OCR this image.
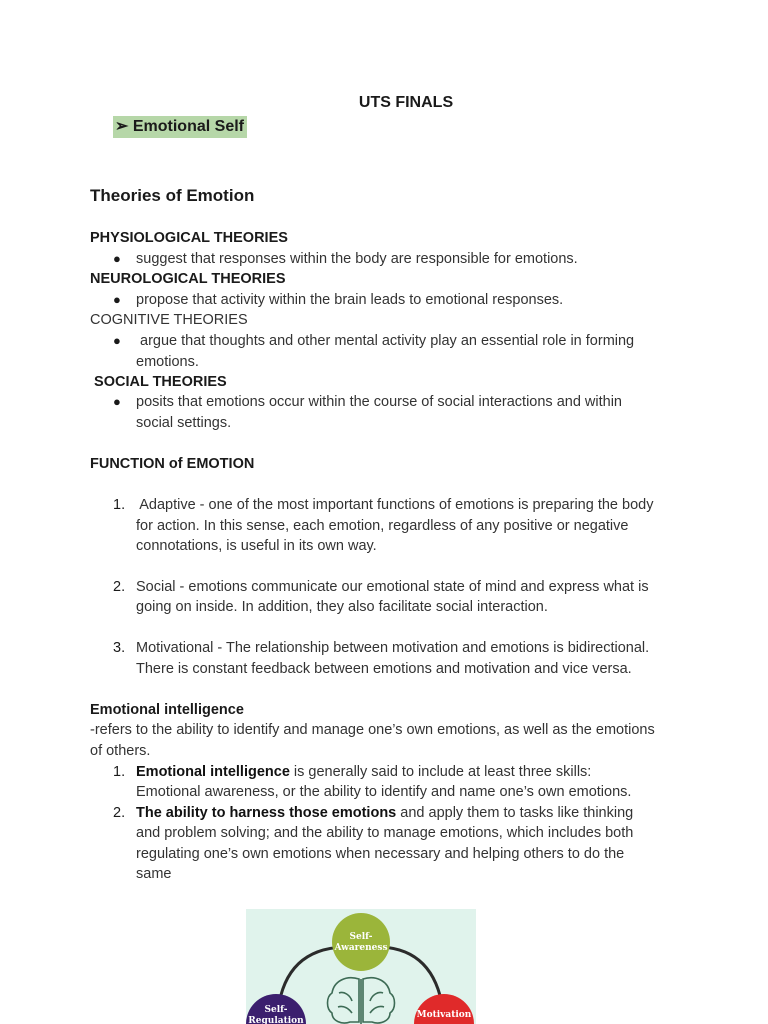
UTS FINALS
➢ Emotional Self
Theories of Emotion
PHYSIOLOGICAL THEORIES
● suggest that responses within the body are responsible for emotions.
NEUROLOGICAL THEORIES
● propose that activity within the brain leads to emotional responses.
COGNITIVE THEORIES
● argue that thoughts and other mental activity play an essential role in forming
emotions.
SOCIAL THEORIES
● posits that emotions occur within the course of social interactions and within
social settings.
FUNCTION of EMOTION
1. Adaptive - one of the most important functions of emotions is preparing the body
for action. In this sense, each emotion, regardless of any positive or negative
connotations, is useful in its own way.
2. Social - emotions communicate our emotional state of mind and express what is
going on inside. In addition, they also facilitate social interaction.
3. Motivational - The relationship between motivation and emotions is bidirectional.
There is constant feedback between emotions and motivation and vice versa.
Emotional intelligence
-refers to the ability to identify and manage one’s own emotions, as well as the emotions
of others.
1. Emotional intelligence is generally said to include at least three skills:
Emotional awareness, or the ability to identify and name one’s own emotions.
2. The ability to harness those emotions and apply them to tasks like thinking
and problem solving; and the ability to manage emotions, which includes both
regulating one’s own emotions when necessary and helping others to do the
same
Self-
Awareness
Self-
Regulation
Motivation
